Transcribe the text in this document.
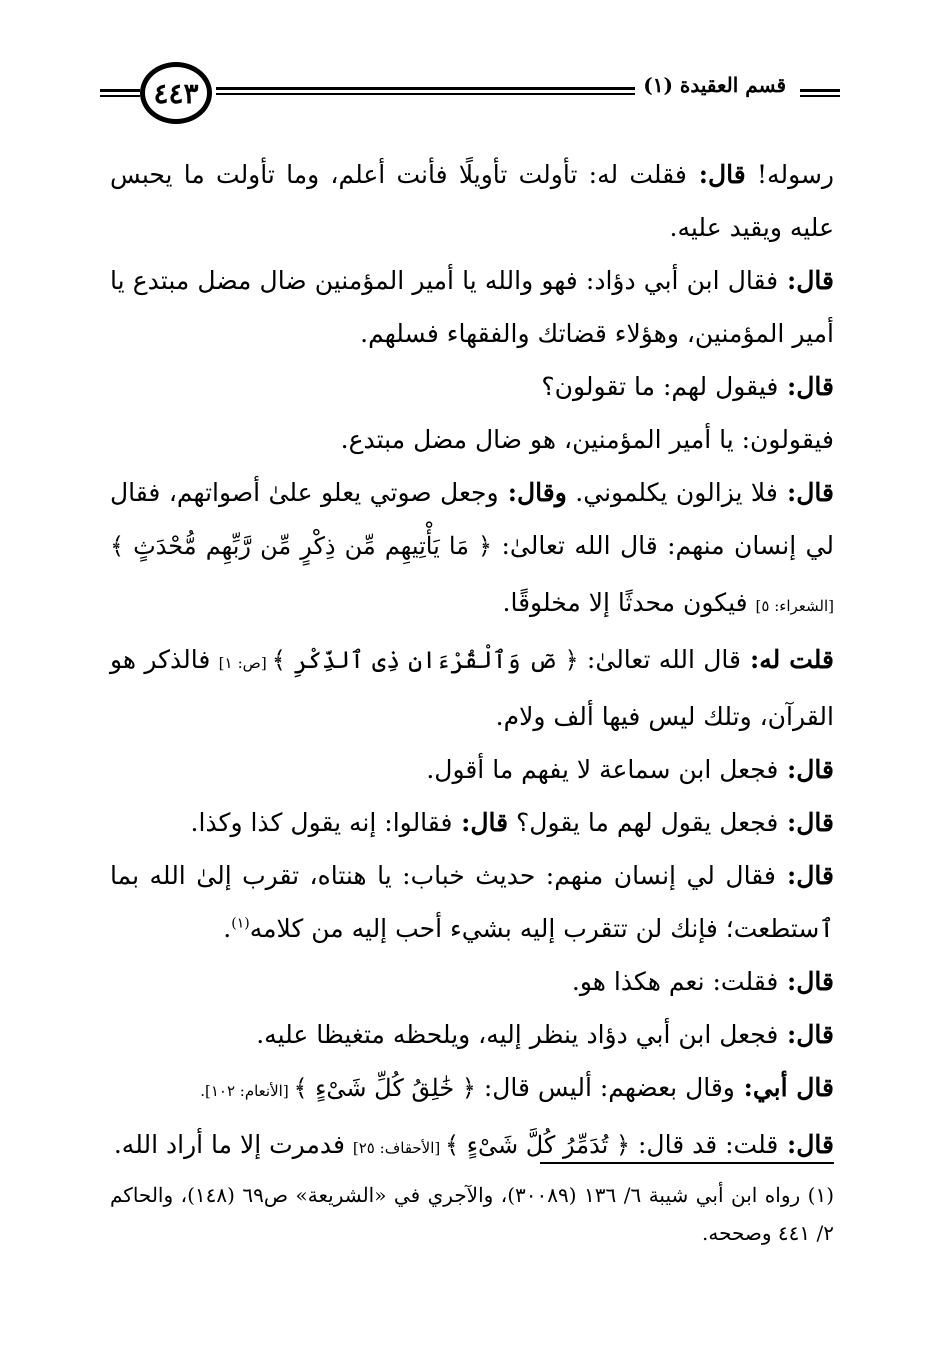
٤٤٣	قسم العقيدة (١)

رسوله! قال: فقلت له: تأولت تأويلًا فأنت أعلم، وما تأولت ما يحبس عليه ويقيد عليه.

قال: فقال ابن أبي دؤاد: فهو والله يا أمير المؤمنين ضال مضل مبتدع يا أمير المؤمنين، وهؤلاء قضاتك والفقهاء فسلهم.

قال: فيقول لهم: ما تقولون؟

فيقولون: يا أمير المؤمنين، هو ضال مضل مبتدع.

قال: فلا يزالون يكلموني. وقال: وجعل صوتي يعلو علىٰ أصواتهم، فقال لي إنسان منهم: قال الله تعالىٰ: ﴿ مَا يَأْتِيهِم مِّن ذِكْرٍ مِّن رَّبِّهِم مُّحْدَثٍ ﴾ [الشعراء: ٥] فيكون محدثًا إلا مخلوقًا.

قلت له: قال الله تعالىٰ: ﴿ صٓ وَٱلْقُرْءَانِ ذِى ٱلذِّكْرِ ﴾ [ص: ١] فالذكر هو القرآن، وتلك ليس فيها ألف ولام.

قال: فجعل ابن سماعة لا يفهم ما أقول.

قال: فجعل يقول لهم ما يقول؟ قال: فقالوا: إنه يقول كذا وكذا.

قال: فقال لي إنسان منهم: حديث خباب: يا هنتاه، تقرب إلىٰ الله بما ٱستطعت؛ فإنك لن تتقرب إليه بشيء أحب إليه من كلامه$^{(١)}$.

قال: فقلت: نعم هكذا هو.

قال: فجعل ابن أبي دؤاد ينظر إليه، ويلحظه متغيظا عليه.

قال أبي: وقال بعضهم: أليس قال: ﴿ خَٰلِقُ كُلِّ شَىْءٍ ﴾ [الأنعام: ١٠٢].

قال: قلت: قد قال: ﴿ تُدَمِّرُ كُلَّ شَىْءٍ ﴾ [الأحقاف: ٢٥] فدمرت إلا ما أراد الله.

(١) رواه ابن أبي شيبة ٦/ ١٣٦ (٣٠٠٨٩)، والآجري في «الشريعة» ص٦٩ (١٤٨)، والحاكم ٢/ ٤٤١ وصححه.
